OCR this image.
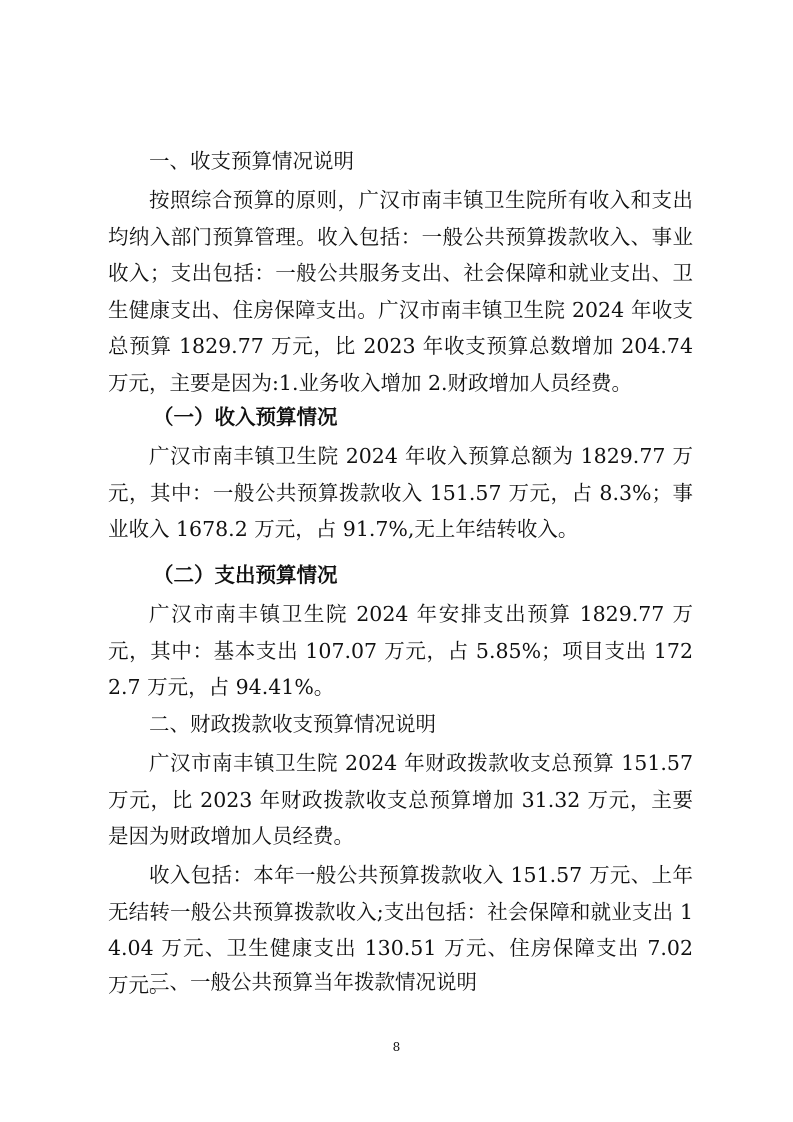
一、收支预算情况说明

按照综合预算的原则，广汉市南丰镇卫生院所有收入和支出均纳入部门预算管理。收入包括：一般公共预算拨款收入、事业收入；支出包括：一般公共服务支出、社会保障和就业支出、卫生健康支出、住房保障支出。广汉市南丰镇卫生院 2024 年收支总预算 1829.77 万元，比 2023 年收支预算总数增加 204.74 万元，主要是因为:1.业务收入增加 2.财政增加人员经费。

（一）收入预算情况

广汉市南丰镇卫生院 2024 年收入预算总额为 1829.77 万元，其中：一般公共预算拨款收入 151.57 万元，占 8.3%；事业收入 1678.2 万元，占 91.7%,无上年结转收入。

（二）支出预算情况

广汉市南丰镇卫生院 2024 年安排支出预算 1829.77 万元，其中：基本支出 107.07 万元，占 5.85%；项目支出 1722.7 万元，占 94.41%。

二、财政拨款收支预算情况说明

广汉市南丰镇卫生院 2024 年财政拨款收支总预算 151.57 万元，比 2023 年财政拨款收支总预算增加 31.32 万元，主要是因为财政增加人员经费。

收入包括：本年一般公共预算拨款收入 151.57 万元、上年无结转一般公共预算拨款收入;支出包括：社会保障和就业支出 14.04 万元、卫生健康支出 130.51 万元、住房保障支出 7.02 万元。

三、一般公共预算当年拨款情况说明
8
